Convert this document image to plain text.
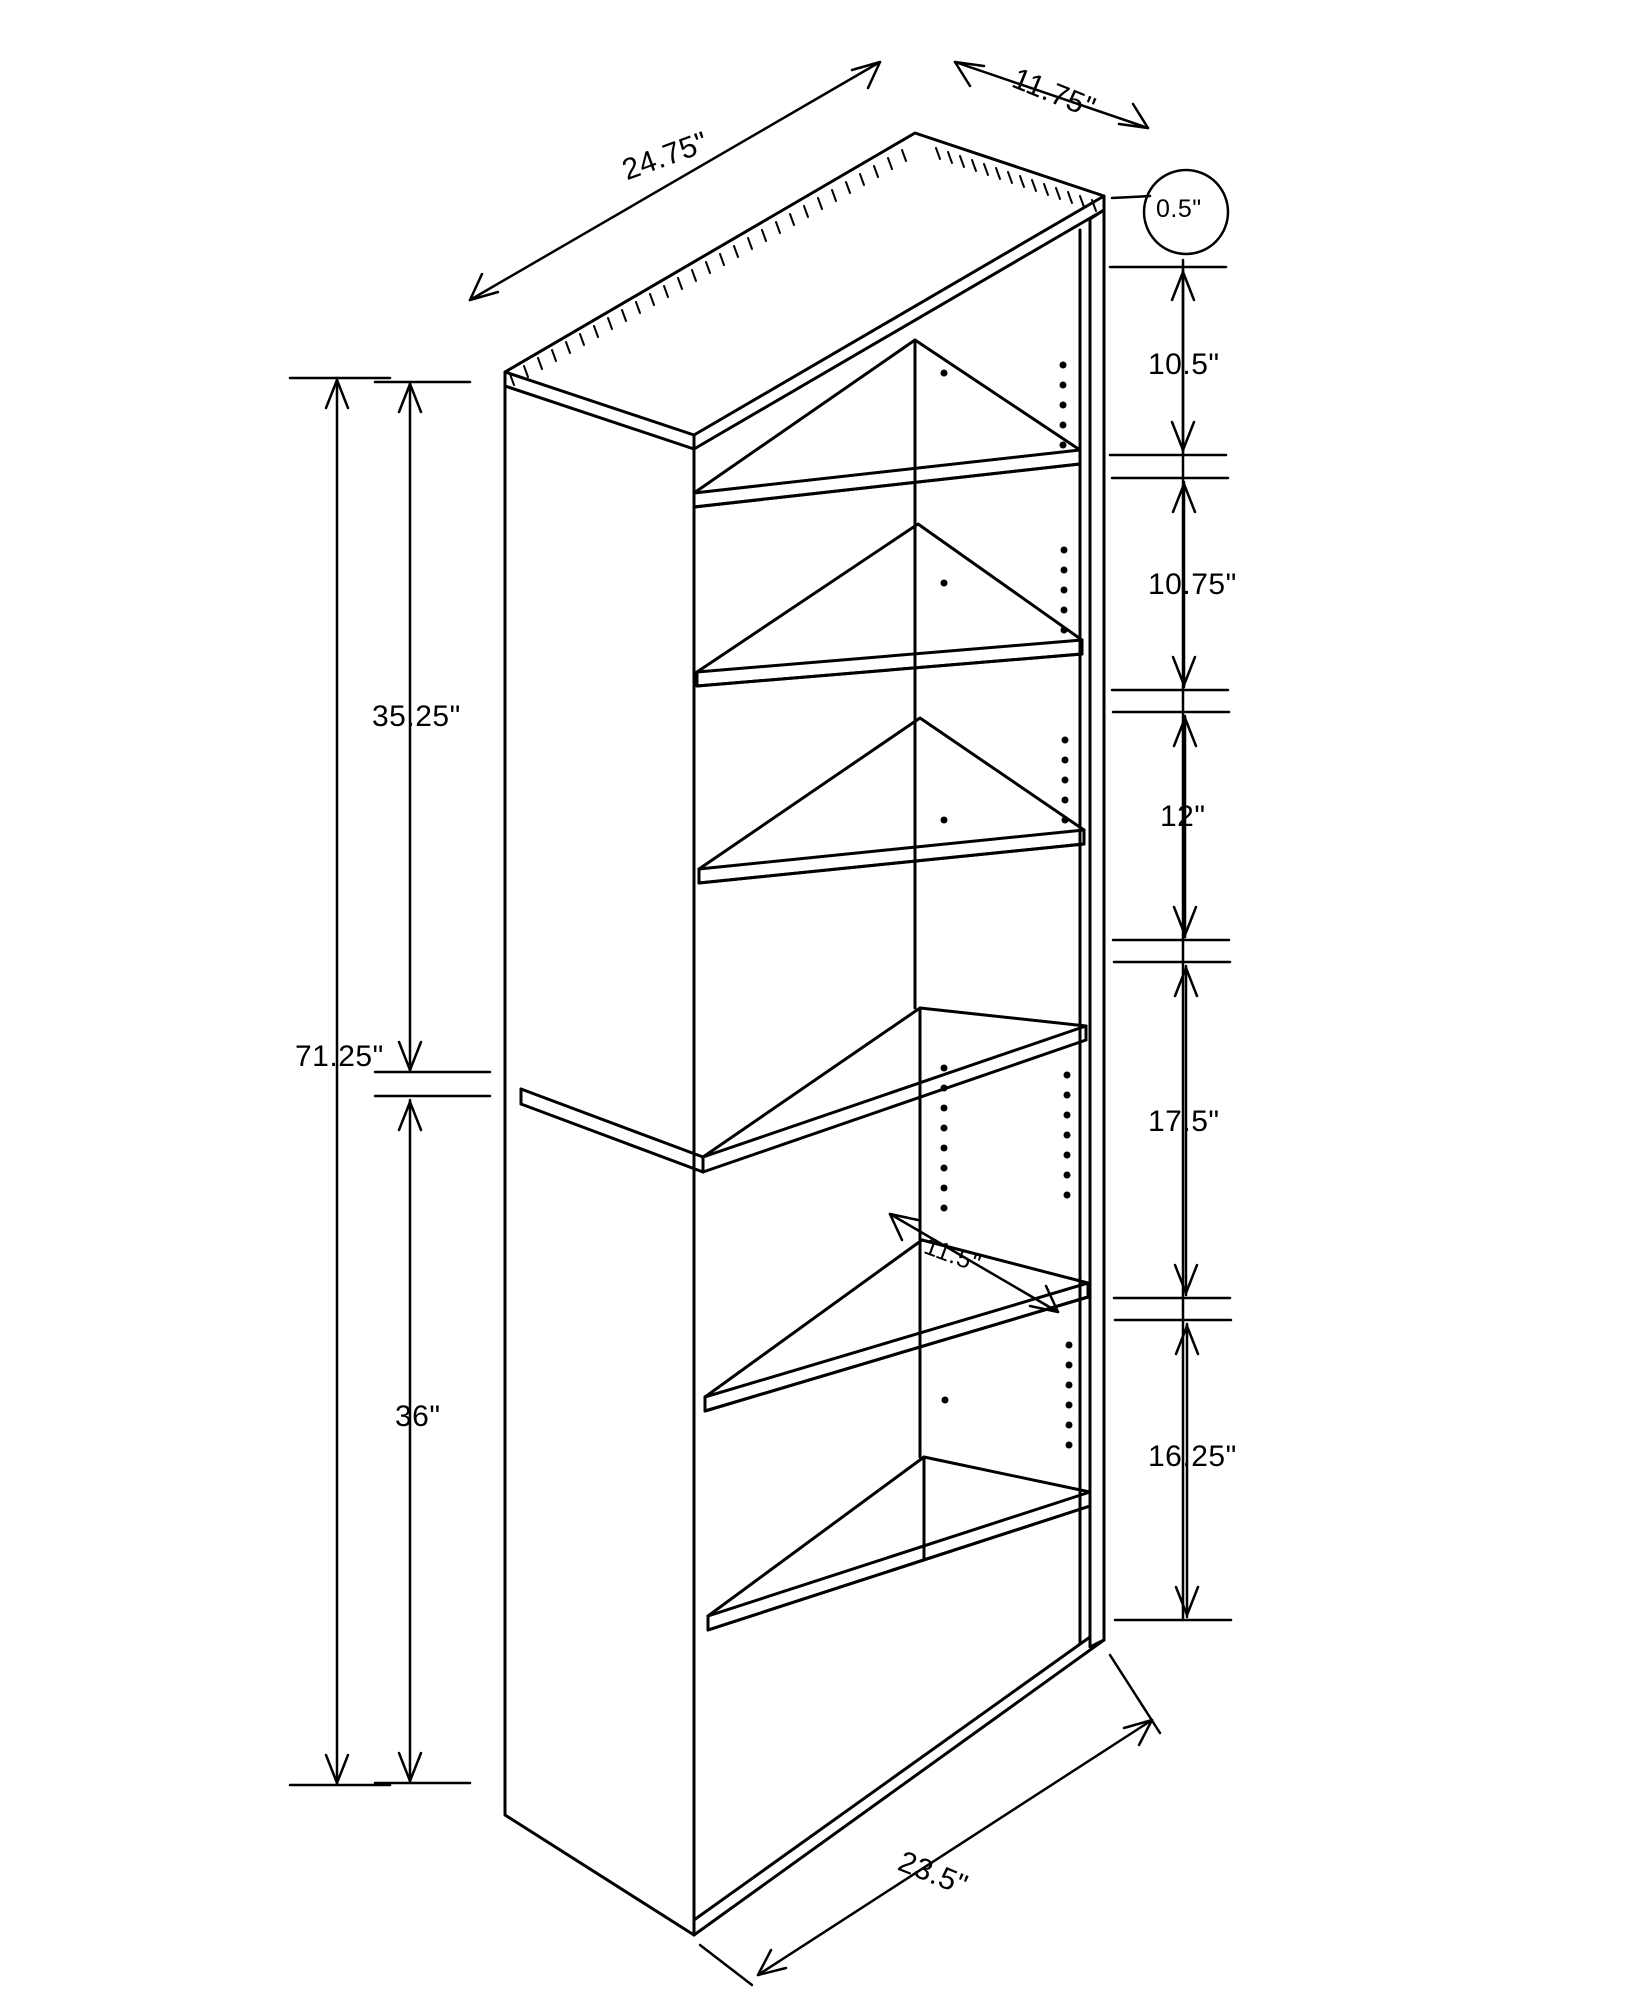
24.75"
11.75"
0.5"
35.25"
71.25"
36"
10.5"
10.75"
12"
17.5"
16.25"
11.5"
23.5"
